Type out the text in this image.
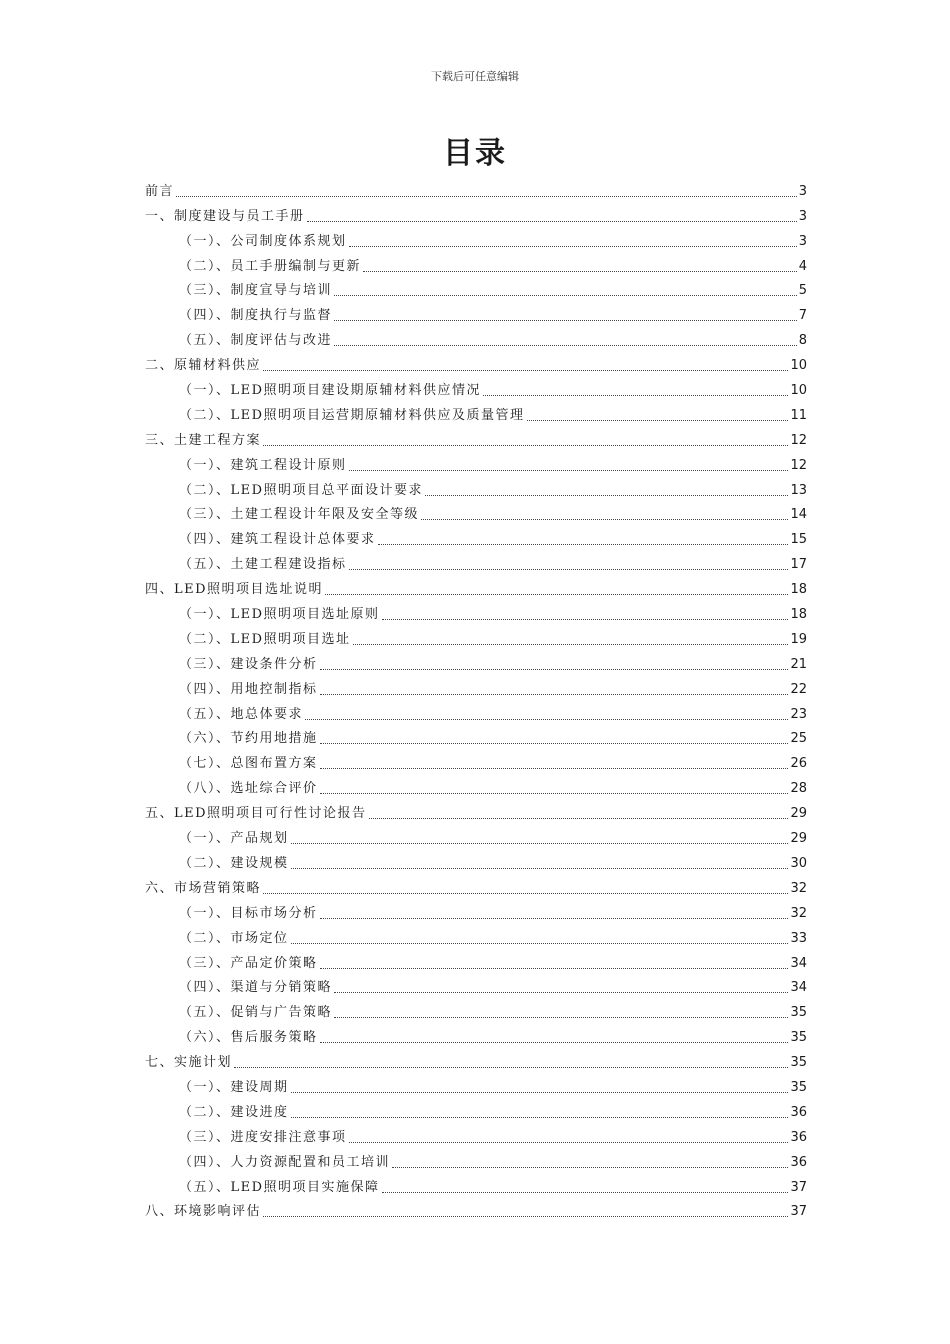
下载后可任意编辑
目录
前言	3
一、制度建设与员工手册	3
（一）、公司制度体系规划	3
（二）、员工手册编制与更新	4
（三）、制度宣导与培训	5
（四）、制度执行与监督	7
（五）、制度评估与改进	8
二、原辅材料供应	10
（一）、LED照明项目建设期原辅材料供应情况	10
（二）、LED照明项目运营期原辅材料供应及质量管理	11
三、土建工程方案	12
（一）、建筑工程设计原则	12
（二）、LED照明项目总平面设计要求	13
（三）、土建工程设计年限及安全等级	14
（四）、建筑工程设计总体要求	15
（五）、土建工程建设指标	17
四、LED照明项目选址说明	18
（一）、LED照明项目选址原则	18
（二）、LED照明项目选址	19
（三）、建设条件分析	21
（四）、用地控制指标	22
（五）、地总体要求	23
（六）、节约用地措施	25
（七）、总图布置方案	26
（八）、选址综合评价	28
五、LED照明项目可行性讨论报告	29
（一）、产品规划	29
（二）、建设规模	30
六、市场营销策略	32
（一）、目标市场分析	32
（二）、市场定位	33
（三）、产品定价策略	34
（四）、渠道与分销策略	34
（五）、促销与广告策略	35
（六）、售后服务策略	35
七、实施计划	35
（一）、建设周期	35
（二）、建设进度	36
（三）、进度安排注意事项	36
（四）、人力资源配置和员工培训	36
（五）、LED照明项目实施保障	37
八、环境影响评估	37
